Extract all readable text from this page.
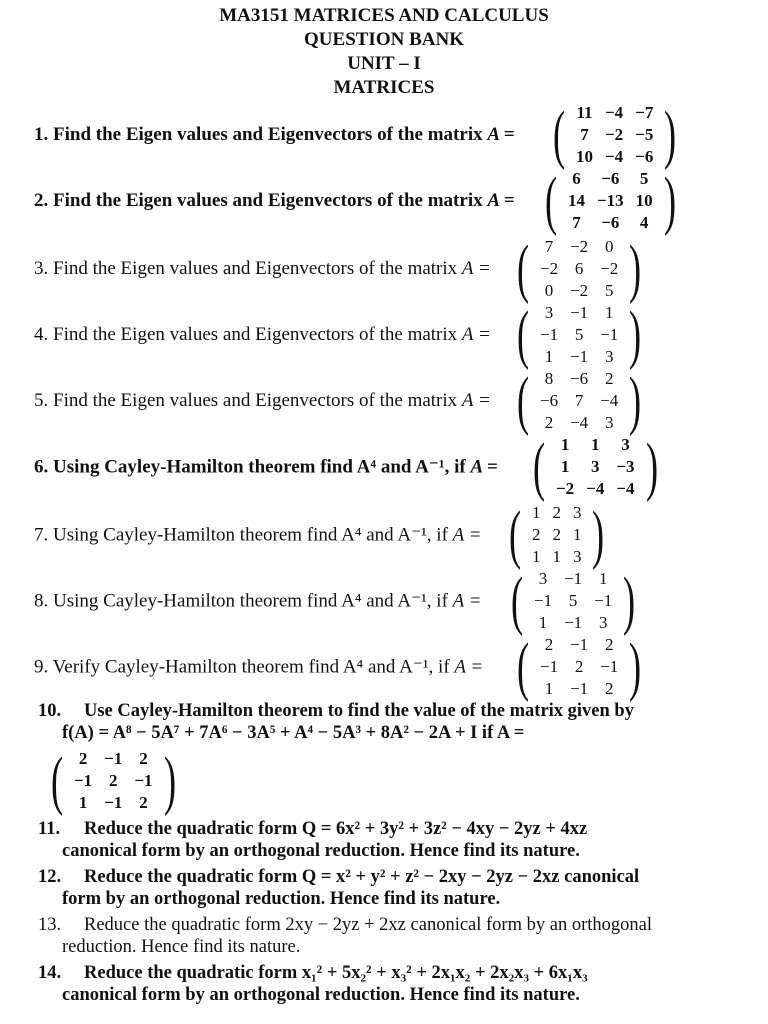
MA3151 MATRICES AND CALCULUS
QUESTION BANK
UNIT – I
MATRICES
1. Find the Eigen values and Eigenvectors of the matrix A = ( 11	−4	−7
7	−2	−5
10	−4	−6 )
2. Find the Eigen values and Eigenvectors of the matrix A = ( 6	−6	5
14	−13	10
7	−6	4 )
3. Find the Eigen values and Eigenvectors of the matrix A = ( 7	−2	0
−2	6	−2
0	−2	5 )
4. Find the Eigen values and Eigenvectors of the matrix A = ( 3	−1	1
−1	5	−1
1	−1	3 )
5. Find the Eigen values and Eigenvectors of the matrix A = ( 8	−6	2
−6	7	−4
2	−4	3 )
6. Using Cayley-Hamilton theorem find A⁴ and A⁻¹, if A = ( 1	1	3
1	3	−3
−2	−4	−4 )
7. Using Cayley-Hamilton theorem find A⁴ and A⁻¹, if A = ( 1	2	3
2	2	1
1	1	3 )
8. Using Cayley-Hamilton theorem find A⁴ and A⁻¹, if A = ( 3	−1	1
−1	5	−1
1	−1	3 )
9. Verify Cayley-Hamilton theorem find A⁴ and A⁻¹, if A = ( 2	−1	2
−1	2	−1
1	−1	2 )
10. Use Cayley-Hamilton theorem to find the value of the matrix given by
f(A) = A⁸ − 5A⁷ + 7A⁶ − 3A⁵ + A⁴ − 5A³ + 8A² − 2A + I if A =
( 2	−1	2
−1	2	−1
1	−1	2 )
11. Reduce the quadratic form Q = 6x² + 3y² + 3z² − 4xy − 2yz + 4xz
canonical form by an orthogonal reduction. Hence find its nature.
12. Reduce the quadratic form Q = x² + y² + z² − 2xy − 2yz − 2xz canonical
form by an orthogonal reduction. Hence find its nature.
13. Reduce the quadratic form 2xy − 2yz + 2xz canonical form by an orthogonal
reduction. Hence find its nature.
14. Reduce the quadratic form x₁² + 5x₂² + x₃² + 2x₁x₂ + 2x₂x₃ + 6x₁x₃
canonical form by an orthogonal reduction. Hence find its nature.
